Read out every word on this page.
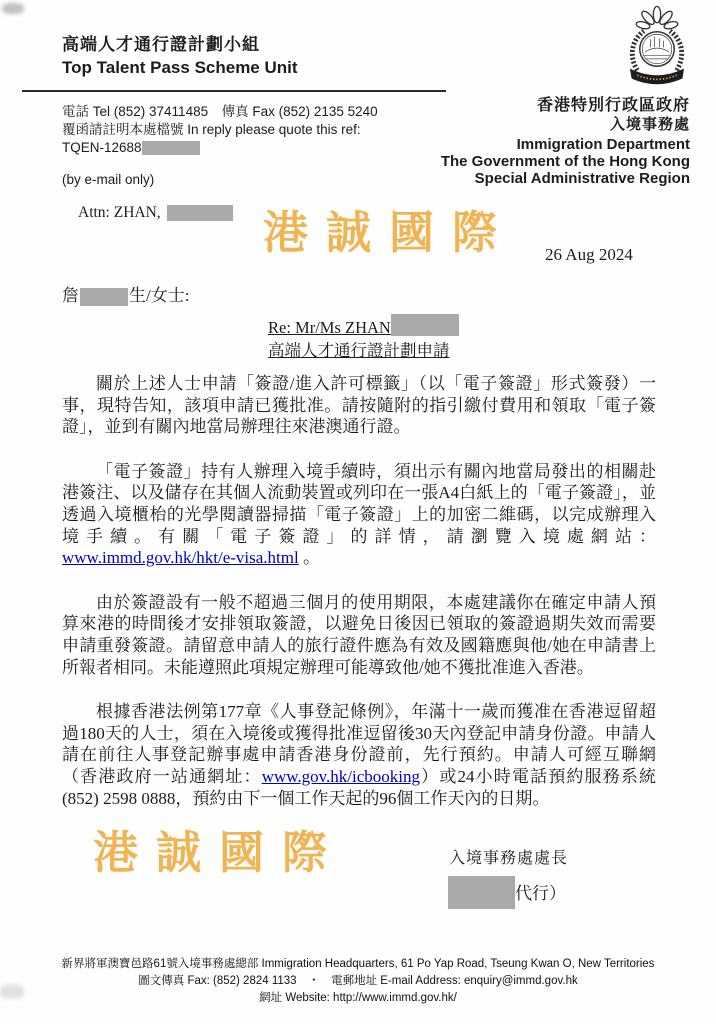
高端人才通行證計劃小組
Top Talent Pass Scheme Unit
香港特別行政區政府
入境事務處
Immigration Department
The Government of the Hong Kong
Special Administrative Region
電話 Tel (852) 37411485　傳真 Fax (852) 2135 5240
覆函請註明本處檔號 In reply please quote this ref:
TQEN-12688
(by e-mail only)
Attn: ZHAN,	港誠國際 26 Aug 2024
詹	生/女士:
Re: Mr/Ms ZHAN
高端人才通行證計劃申請

關於上述人士申請「簽證/進入許可標籤」（以「電子簽證」形式簽發）一事，現特告知，該項申請已獲批准。請按隨附的指引繳付費用和領取「電子簽證」，並到有關內地當局辦理往來港澳通行證。

「電子簽證」持有人辦理入境手續時，須出示有關內地當局發出的相關赴港簽注、以及儲存在其個人流動裝置或列印在一張A4白紙上的「電子簽證」，並透過入境櫃枱的光學閱讀器掃描「電子簽證」上的加密二維碼，以完成辦理入境手續。有關「電子簽證」的詳情，請瀏覽入境處網站：www.immd.gov.hk/hkt/e-visa.html 。

由於簽證設有一般不超過三個月的使用期限，本處建議你在確定申請人預算來港的時間後才安排領取簽證，以避免日後因已領取的簽證過期失效而需要申請重發簽證。請留意申請人的旅行證件應為有效及國籍應與他/她在申請書上所報者相同。未能遵照此項規定辦理可能導致他/她不獲批准進入香港。

根據香港法例第177章《人事登記條例》，年滿十一歲而獲准在香港逗留超過180天的人士，須在入境後或獲得批准逗留後30天內登記申請身份證。申請人請在前往人事登記辦事處申請香港身份證前，先行預約。申請人可經互聯網（香港政府一站通網址：www.gov.hk/icbooking）或24小時電話預約服務系統 (852) 2598 0888，預約由下一個工作天起的96個工作天內的日期。

港誠國際	入境事務處處長
代行）
新界將軍澳寶邑路61號入境事務處總部 Immigration Headquarters, 61 Po Yap Road, Tseung Kwan O, New Territories
圖文傳真 Fax: (852) 2824 1133　・　電郵地址 E-mail Address: enquiry@immd.gov.hk
網址 Website: http://www.immd.gov.hk/
